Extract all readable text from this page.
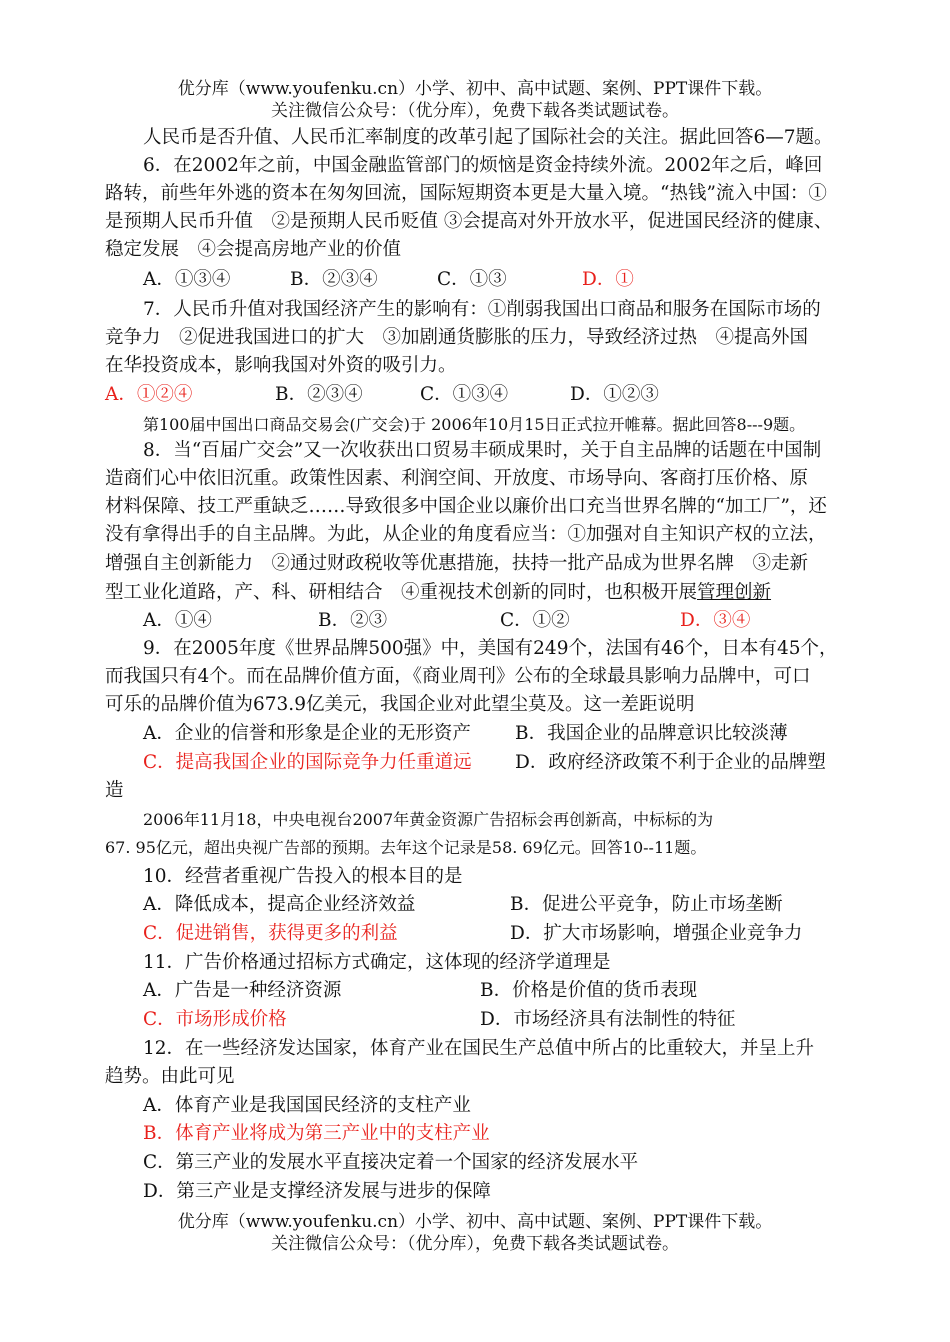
优分库（www.youfenku.cn）小学、初中、高中试题、案例、PPT课件下载。
关注微信公众号：（优分库），免费下载各类试题试卷。
人民币是否升值、人民币汇率制度的改革引起了国际社会的关注。据此回答6—7题。
6．在2002年之前，中国金融监管部门的烦恼是资金持续外流。2002年之后，峰回
路转，前些年外逃的资本在匆匆回流，国际短期资本更是大量入境。“热钱”流入中国：①
是预期人民币升值　②是预期人民币贬值 ③会提高对外开放水平，促进国民经济的健康、
稳定发展　④会提高房地产业的价值
A．①③④	B．②③④	C．①③	D．①
7．人民币升值对我国经济产生的影响有：①削弱我国出口商品和服务在国际市场的
竞争力　②促进我国进口的扩大　③加剧通货膨胀的压力，导致经济过热　④提高外国
在华投资成本，影响我国对外资的吸引力。
A．①②④	B．②③④	C．①③④	D．①②③
第100届中国出口商品交易会(广交会)于 2006年10月15日正式拉开帷幕。据此回答8---9题。
8．当“百届广交会”又一次收获出口贸易丰硕成果时，关于自主品牌的话题在中国制
造商们心中依旧沉重。政策性因素、利润空间、开放度、市场导向、客商打压价格、原
材料保障、技工严重缺乏……导致很多中国企业以廉价出口充当世界名牌的“加工厂”，还
没有拿得出手的自主品牌。为此，从企业的角度看应当：①加强对自主知识产权的立法，
增强自主创新能力　②通过财政税收等优惠措施，扶持一批产品成为世界名牌　③走新
型工业化道路，产、科、研相结合　④重视技术创新的同时，也积极开展管理创新
A．①④	B．②③	C．①②	D．③④
9．在2005年度《世界品牌500强》中，美国有249个，法国有46个，日本有45个，
而我国只有4个。而在品牌价值方面，《商业周刊》公布的全球最具影响力品牌中，可口
可乐的品牌价值为673.9亿美元，我国企业对此望尘莫及。这一差距说明
A．企业的信誉和形象是企业的无形资产 B．我国企业的品牌意识比较淡薄
C．提高我国企业的国际竞争力任重道远 D．政府经济政策不利于企业的品牌塑
造
2006年11月18，中央电视台2007年黄金资源广告招标会再创新高，中标标的为
67. 95亿元，超出央视广告部的预期。去年这个记录是58. 69亿元。回答10--11题。
10．经营者重视广告投入的根本目的是
A．降低成本，提高企业经济效益	B．促进公平竞争，防止市场垄断
C．促进销售，获得更多的利益	D．扩大市场影响，增强企业竞争力
11．广告价格通过招标方式确定，这体现的经济学道理是
A．广告是一种经济资源	B．价格是价值的货币表现
C．市场形成价格	D．市场经济具有法制性的特征
12．在一些经济发达国家，体育产业在国民生产总值中所占的比重较大，并呈上升
趋势。由此可见
A．体育产业是我国国民经济的支柱产业
B．体育产业将成为第三产业中的支柱产业
C．第三产业的发展水平直接决定着一个国家的经济发展水平
D．第三产业是支撑经济发展与进步的保障
优分库（www.youfenku.cn）小学、初中、高中试题、案例、PPT课件下载。
关注微信公众号：（优分库），免费下载各类试题试卷。
